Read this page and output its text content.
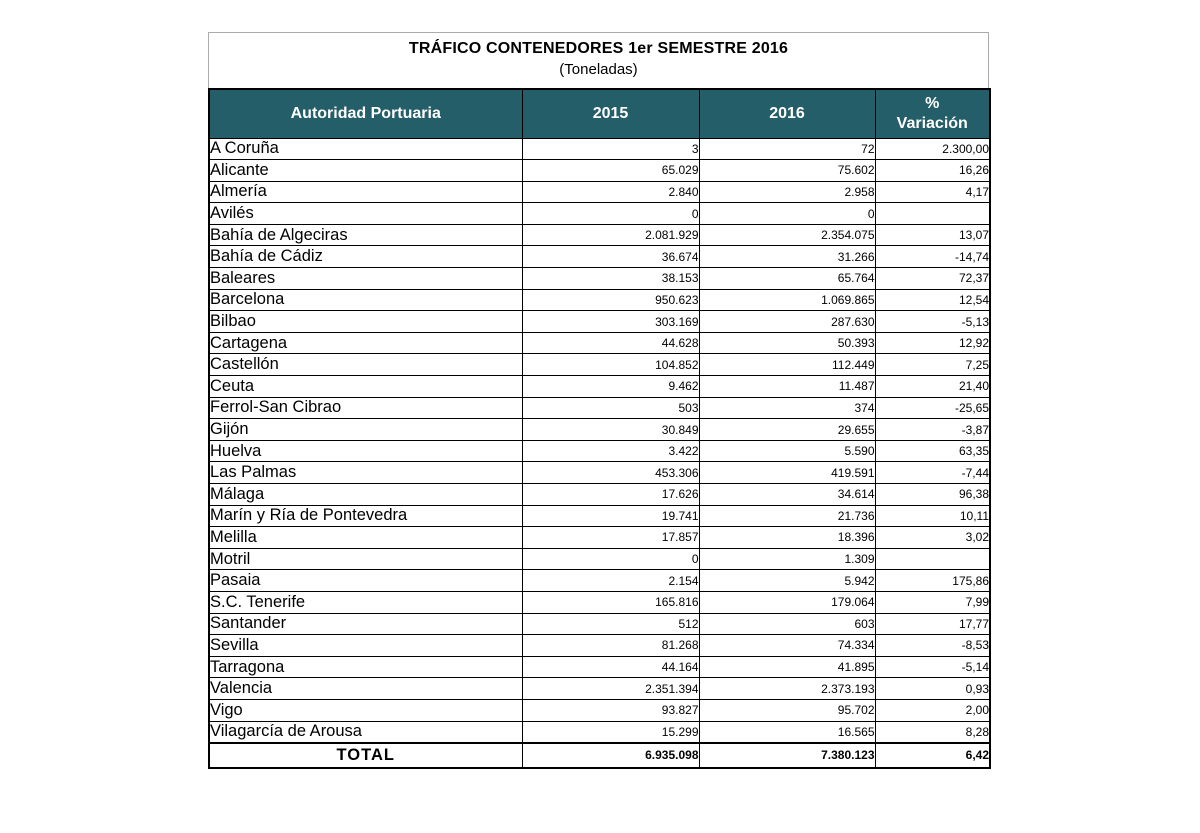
TRÁFICO CONTENEDORES 1er SEMESTRE 2016
(Toneladas)
Autoridad Portuaria	2015	2016	%
Variación
A Coruña	3	72	2.300,00
Alicante	65.029	75.602	16,26
Almería	2.840	2.958	4,17
Avilés	0	0	
Bahía de Algeciras	2.081.929	2.354.075	13,07
Bahía de Cádiz	36.674	31.266	-14,74
Baleares	38.153	65.764	72,37
Barcelona	950.623	1.069.865	12,54
Bilbao	303.169	287.630	-5,13
Cartagena	44.628	50.393	12,92
Castellón	104.852	112.449	7,25
Ceuta	9.462	11.487	21,40
Ferrol-San Cibrao	503	374	-25,65
Gijón	30.849	29.655	-3,87
Huelva	3.422	5.590	63,35
Las Palmas	453.306	419.591	-7,44
Málaga	17.626	34.614	96,38
Marín y Ría de Pontevedra	19.741	21.736	10,11
Melilla	17.857	18.396	3,02
Motril	0	1.309	
Pasaia	2.154	5.942	175,86
S.C. Tenerife	165.816	179.064	7,99
Santander	512	603	17,77
Sevilla	81.268	74.334	-8,53
Tarragona	44.164	41.895	-5,14
Valencia	2.351.394	2.373.193	0,93
Vigo	93.827	95.702	2,00
Vilagarcía de Arousa	15.299	16.565	8,28
TOTAL	6.935.098	7.380.123	6,42
